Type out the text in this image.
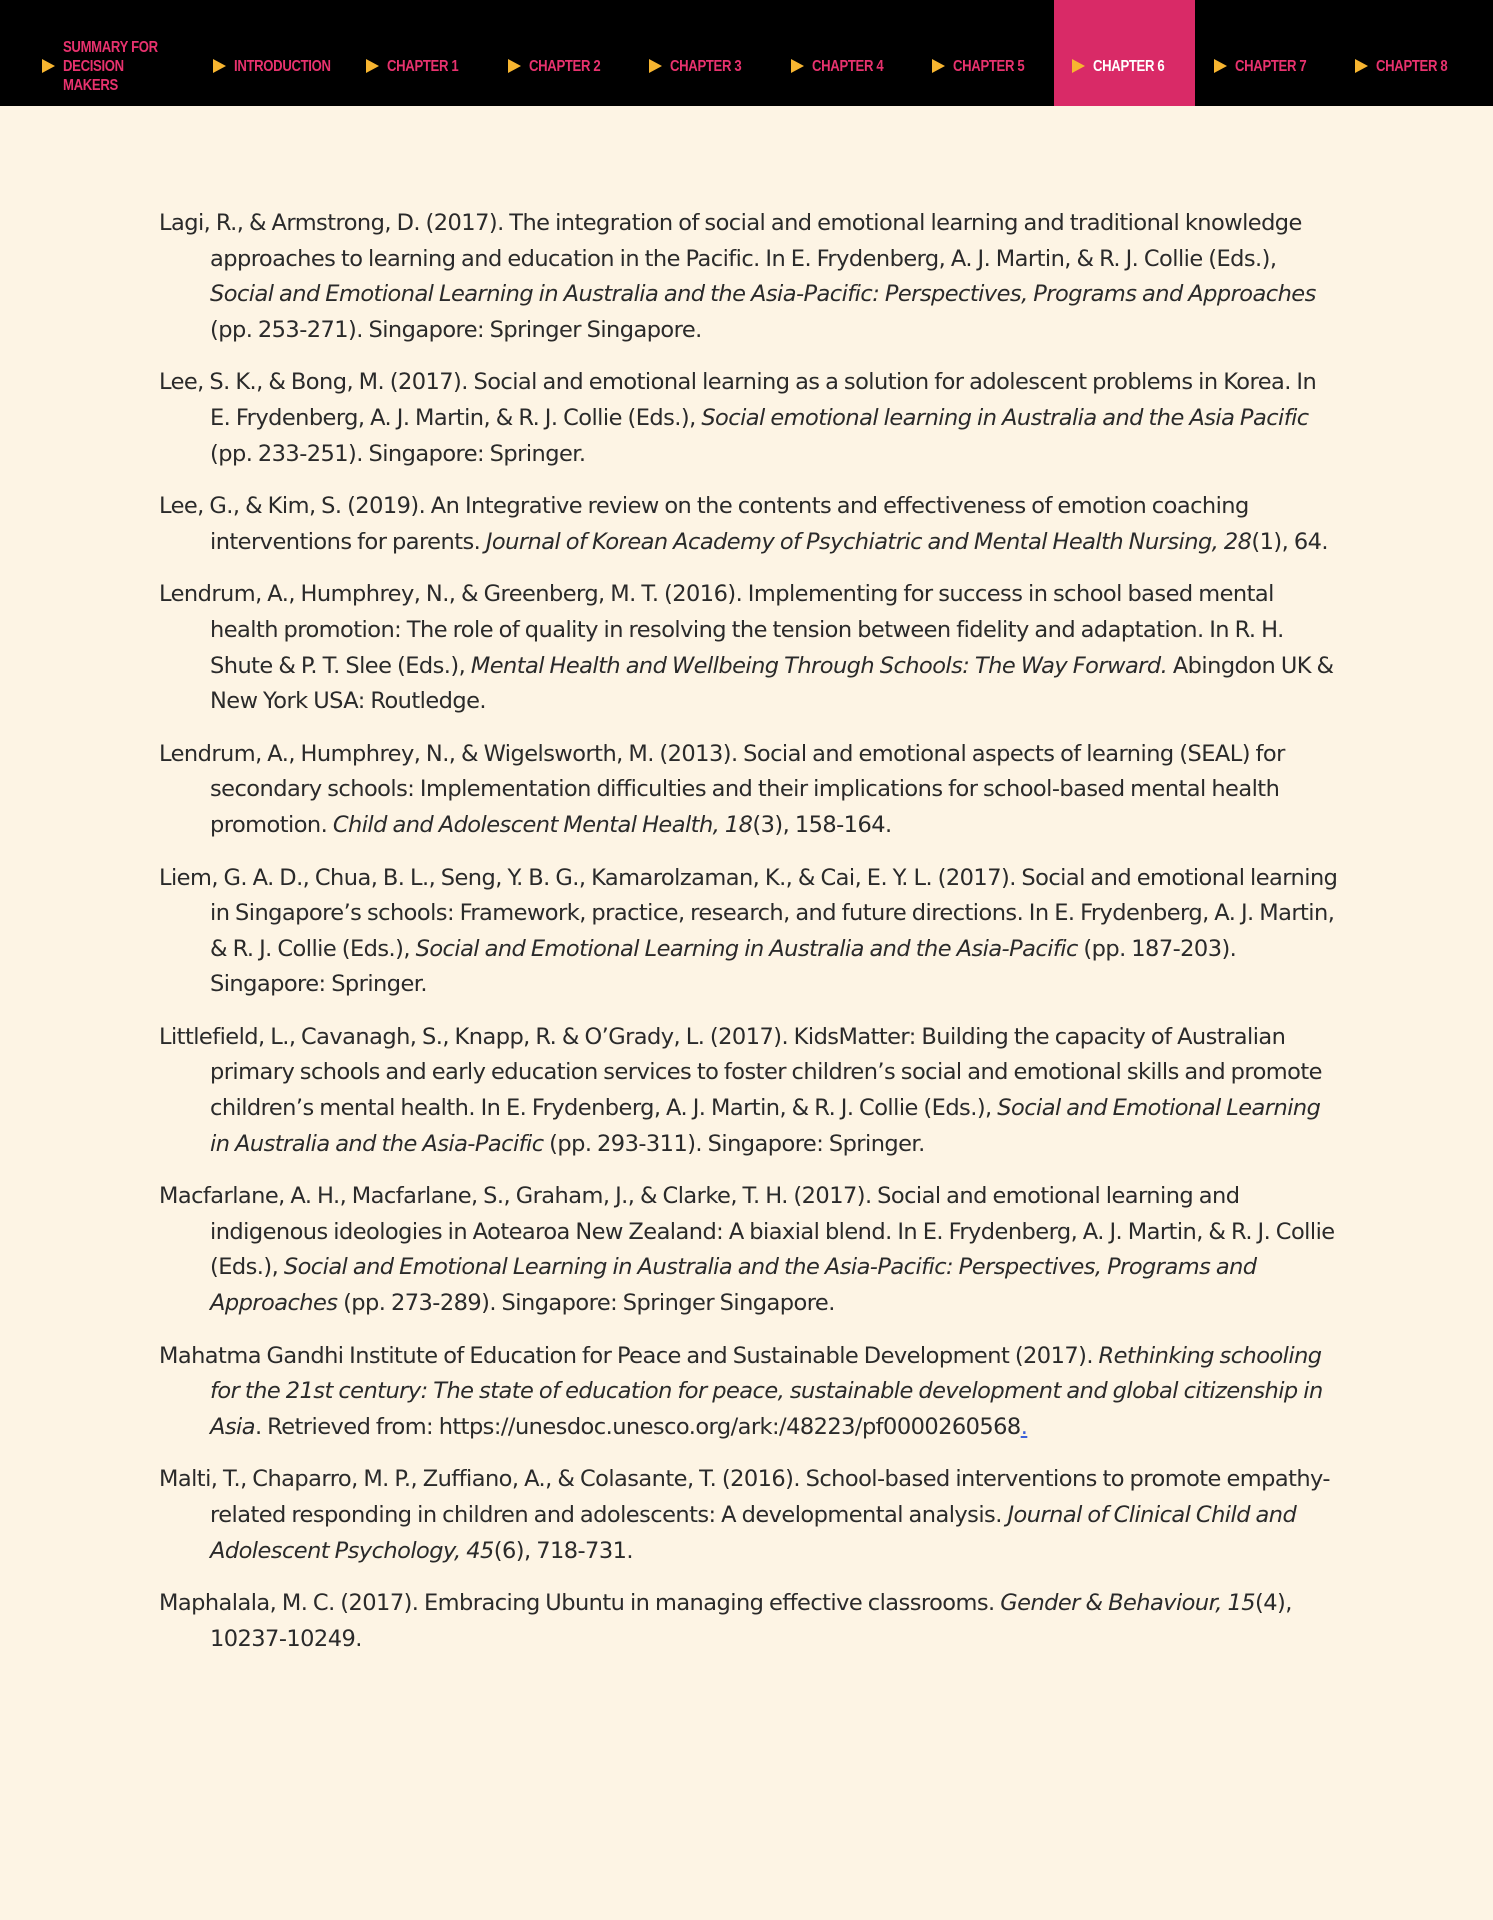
SUMMARY FOR
DECISION MAKERS
INTRODUCTION	CHAPTER 1	CHAPTER 2	CHAPTER 3	CHAPTER 4	CHAPTER 5	CHAPTER 6	CHAPTER 7	CHAPTER 8

Lagi, R., & Armstrong, D. (2017). The integration of social and emotional learning and traditional knowledge approaches to learning and education in the Pacific. In E. Frydenberg, A. J. Martin, & R. J. Collie (Eds.), Social and Emotional Learning in Australia and the Asia-Pacific: Perspectives, Programs and Approaches (pp. 253-271). Singapore: Springer Singapore.

Lee, S. K., & Bong, M. (2017). Social and emotional learning as a solution for adolescent problems in Korea. In E. Frydenberg, A. J. Martin, & R. J. Collie (Eds.), Social emotional learning in Australia and the Asia Pacific (pp. 233-251). Singapore: Springer.

Lee, G., & Kim, S. (2019). An Integrative review on the contents and effectiveness of emotion coaching interventions for parents. Journal of Korean Academy of Psychiatric and Mental Health Nursing, 28(1), 64.

Lendrum, A., Humphrey, N., & Greenberg, M. T. (2016). Implementing for success in school based mental health promotion: The role of quality in resolving the tension between fidelity and adaptation. In R. H. Shute & P. T. Slee (Eds.), Mental Health and Wellbeing Through Schools: The Way Forward. Abingdon UK & New York USA: Routledge.

Lendrum, A., Humphrey, N., & Wigelsworth, M. (2013). Social and emotional aspects of learning (SEAL) for secondary schools: Implementation difficulties and their implications for school-based mental health promotion. Child and Adolescent Mental Health, 18(3), 158-164.

Liem, G. A. D., Chua, B. L., Seng, Y. B. G., Kamarolzaman, K., & Cai, E. Y. L. (2017). Social and emotional learning in Singapore’s schools: Framework, practice, research, and future directions. In E. Frydenberg, A. J. Martin, & R. J. Collie (Eds.), Social and Emotional Learning in Australia and the Asia-Pacific (pp. 187-203). Singapore: Springer.

Littlefield, L., Cavanagh, S., Knapp, R. & O’Grady, L. (2017). KidsMatter: Building the capacity of Australian primary schools and early education services to foster children’s social and emotional skills and promote children’s mental health. In E. Frydenberg, A. J. Martin, & R. J. Collie (Eds.), Social and Emotional Learning in Australia and the Asia-Pacific (pp. 293-311). Singapore: Springer.

Macfarlane, A. H., Macfarlane, S., Graham, J., & Clarke, T. H. (2017). Social and emotional learning and indigenous ideologies in Aotearoa New Zealand: A biaxial blend. In E. Frydenberg, A. J. Martin, & R. J. Collie (Eds.), Social and Emotional Learning in Australia and the Asia-Pacific: Perspectives, Programs and Approaches (pp. 273-289). Singapore: Springer Singapore.

Mahatma Gandhi Institute of Education for Peace and Sustainable Development (2017). Rethinking schooling for the 21st century: The state of education for peace, sustainable development and global citizenship in Asia. Retrieved from: https://unesdoc.unesco.org/ark:/48223/pf0000260568.

Malti, T., Chaparro, M. P., Zuffiano, A., & Colasante, T. (2016). School-based interventions to promote empathy-related responding in children and adolescents: A developmental analysis. Journal of Clinical Child and Adolescent Psychology, 45(6), 718-731.

Maphalala, M. C. (2017). Embracing Ubuntu in managing effective classrooms. Gender & Behaviour, 15(4), 10237-10249.
